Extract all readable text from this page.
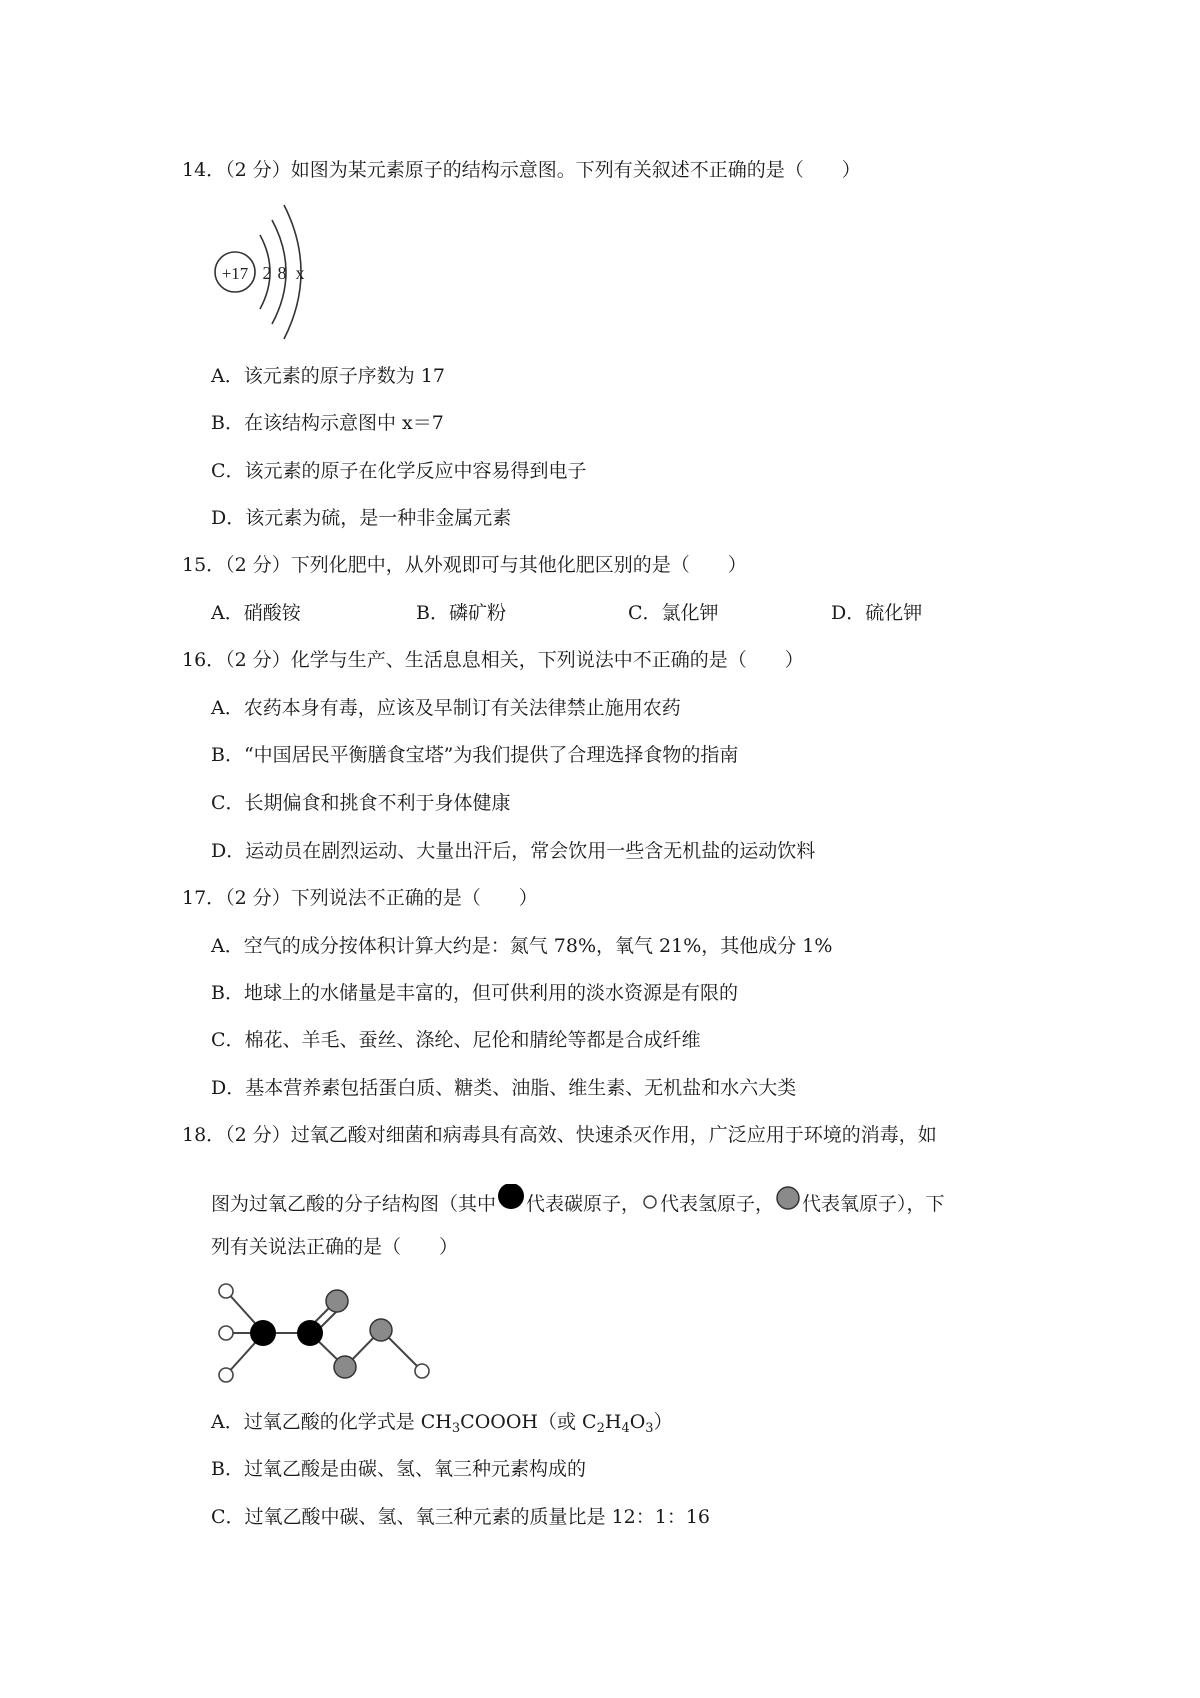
14．（2 分）如图为某元素原子的结构示意图。下列有关叙述不正确的是（　　）
+17 2 8 x
A．该元素的原子序数为 17
B．在该结构示意图中 x＝7
C．该元素的原子在化学反应中容易得到电子
D．该元素为硫，是一种非金属元素
15．（2 分）下列化肥中，从外观即可与其他化肥区别的是（　　）
A．硝酸铵	B．磷矿粉	C．氯化钾	D．硫化钾
16．（2 分）化学与生产、生活息息相关，下列说法中不正确的是（　　）
A．农药本身有毒，应该及早制订有关法律禁止施用农药
B．“中国居民平衡膳食宝塔”为我们提供了合理选择食物的指南
C．长期偏食和挑食不利于身体健康
D．运动员在剧烈运动、大量出汗后，常会饮用一些含无机盐的运动饮料
17．（2 分）下列说法不正确的是（　　）
A．空气的成分按体积计算大约是：氮气 78%，氧气 21%，其他成分 1%
B．地球上的水储量是丰富的，但可供利用的淡水资源是有限的
C．棉花、羊毛、蚕丝、涤纶、尼伦和腈纶等都是合成纤维
D．基本营养素包括蛋白质、糖类、油脂、维生素、无机盐和水六大类
18．（2 分）过氧乙酸对细菌和病毒具有高效、快速杀灭作用，广泛应用于环境的消毒，如
图为过氧乙酸的分子结构图（其中 代表碳原子， 代表氢原子， 代表氧原子），下
列有关说法正确的是（　　）
A．过氧乙酸的化学式是 $CH_3COOOH$（或 $C_2H_4O_3$）
B．过氧乙酸是由碳、氢、氧三种元素构成的
C．过氧乙酸中碳、氢、氧三种元素的质量比是 12：1：16
